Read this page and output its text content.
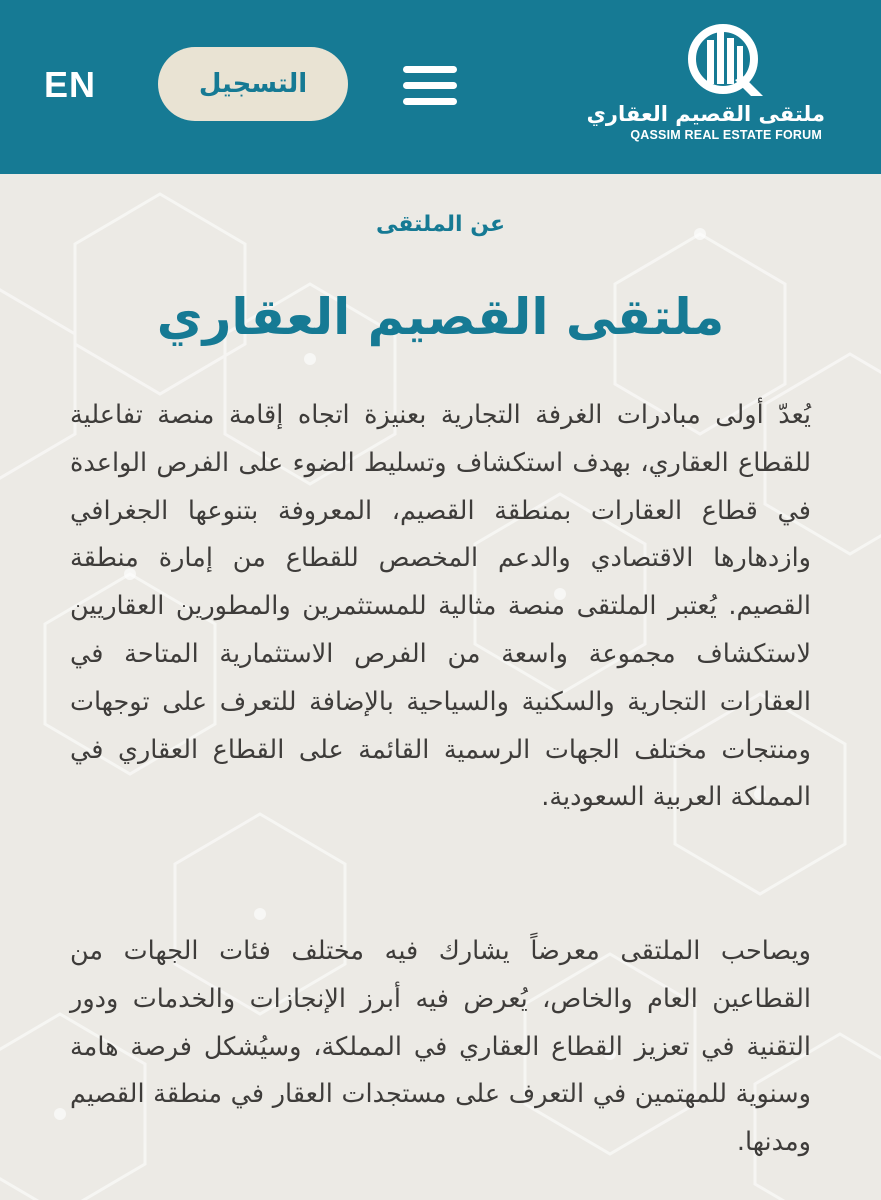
EN	التسجيل
ملتقى القصيم العقاري
QASSIM REAL ESTATE FORUM
عن الملتقى
ملتقى القصيم العقاري

يُعدّ أولى مبادرات الغرفة التجارية بعنيزة اتجاه إقامة منصة تفاعلية للقطاع العقاري، بهدف استكشاف وتسليط الضوء على الفرص الواعدة في قطاع العقارات بمنطقة القصيم، المعروفة بتنوعها الجغرافي وازدهارها الاقتصادي والدعم المخصص للقطاع من إمارة منطقة القصيم. يُعتبر الملتقى منصة مثالية للمستثمرين والمطورين العقاريين لاستكشاف مجموعة واسعة من الفرص الاستثمارية المتاحة في العقارات التجارية والسكنية والسياحية بالإضافة للتعرف على توجهات ومنتجات مختلف الجهات الرسمية القائمة على القطاع العقاري في المملكة العربية السعودية.

ويصاحب الملتقى معرضاً يشارك فيه مختلف فئات الجهات من القطاعين العام والخاص، يُعرض فيه أبرز الإنجازات والخدمات ودور التقنية في تعزيز القطاع العقاري في المملكة، وسيُشكل فرصة هامة وسنوية للمهتمين في التعرف على مستجدات العقار في منطقة القصيم ومدنها.
